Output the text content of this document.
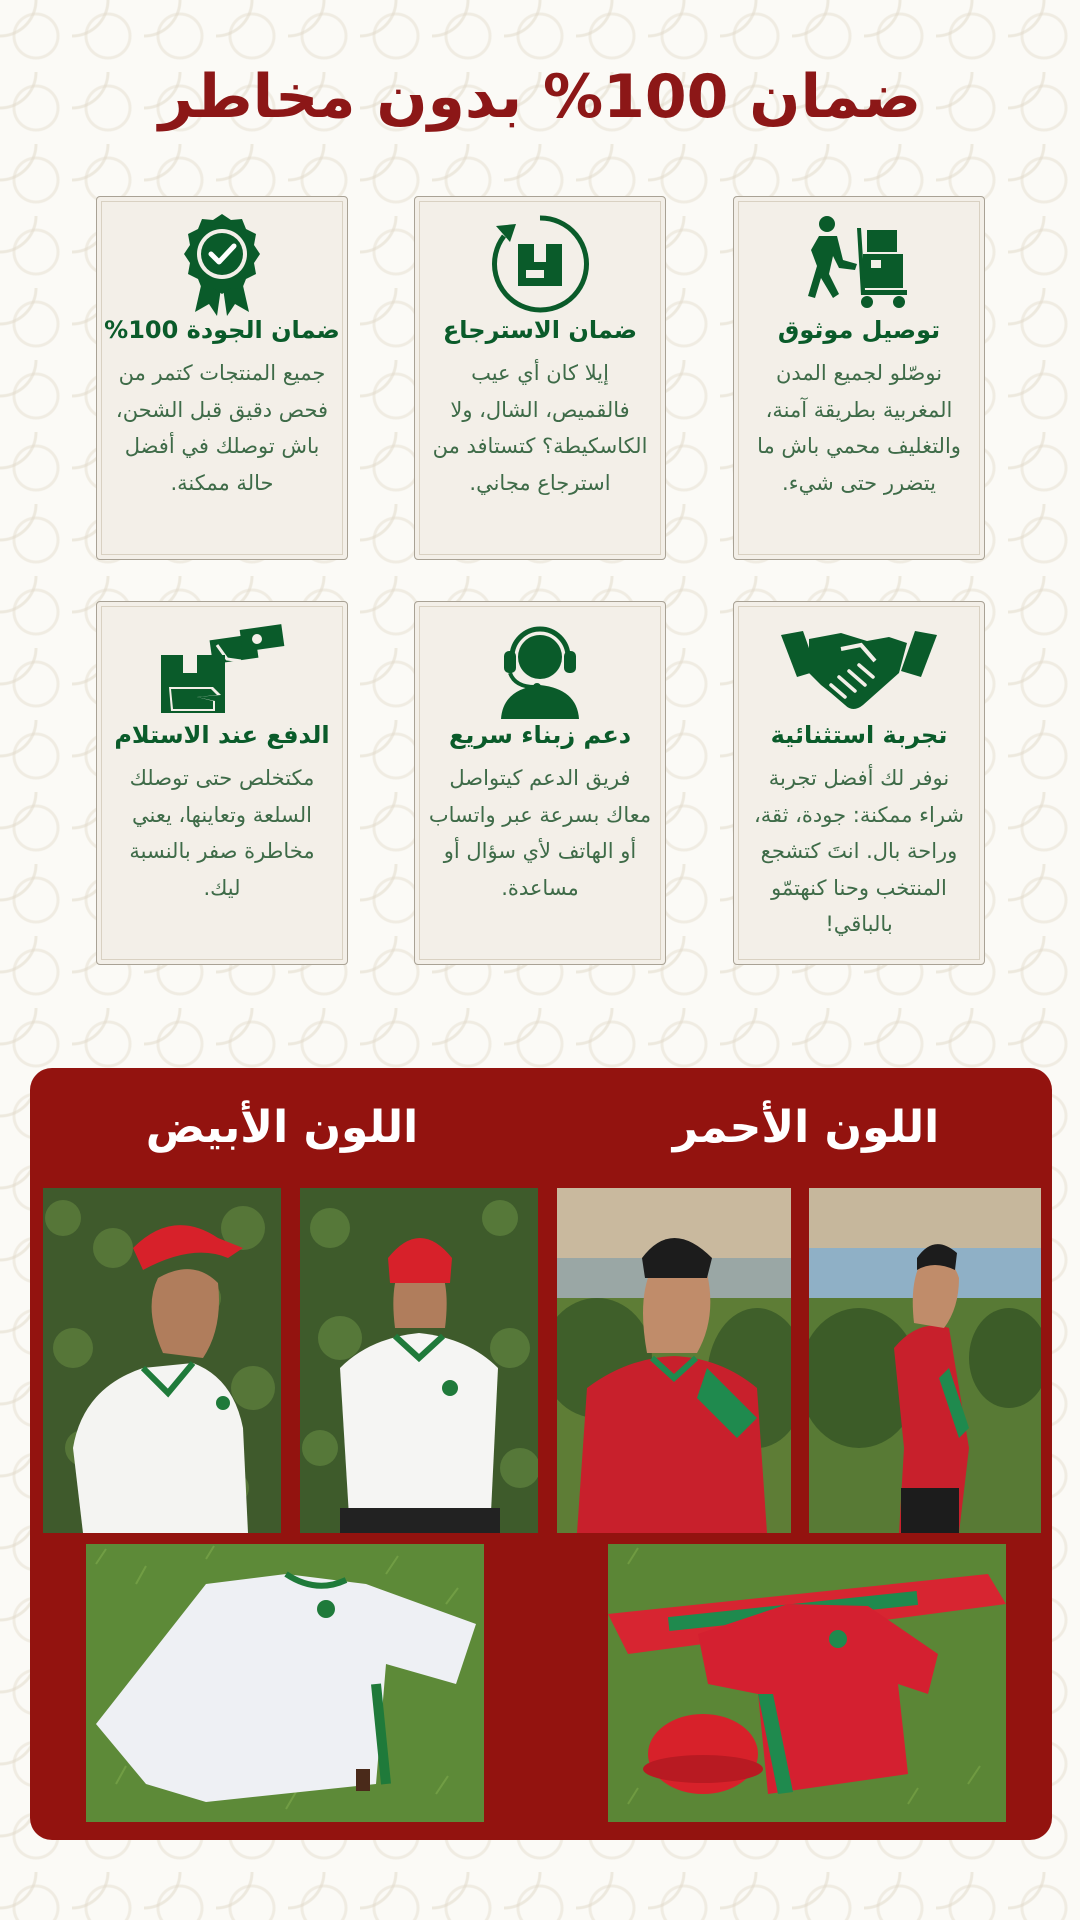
ضمان 100% بدون مخاطر
توصيل موثوق
نوصّلو لجميع المدن المغربية بطريقة آمنة، والتغليف محمي باش ما يتضرر حتى شيء.
ضمان الاسترجاع
إيلا كان أي عيب فالقميص، الشال، ولا الكاسكيطة؟ كتستافد من استرجاع مجاني.
ضمان الجودة 100%
جميع المنتجات كتمر من فحص دقيق قبل الشحن، باش توصلك في أفضل حالة ممكنة.
تجربة استثنائية
نوفر لك أفضل تجربة شراء ممكنة: جودة، ثقة، وراحة بال. انتَ كتشجع المنتخب وحنا كنهتمّو بالباقي!
دعم زبناء سريع
فريق الدعم كيتواصل معاك بسرعة عبر واتساب أو الهاتف لأي سؤال أو مساعدة.
الدفع عند الاستلام
مكتخلص حتى توصلك السلعة وتعاينها، يعني مخاطرة صفر بالنسبة ليك.
اللون الأحمر
اللون الأبيض
